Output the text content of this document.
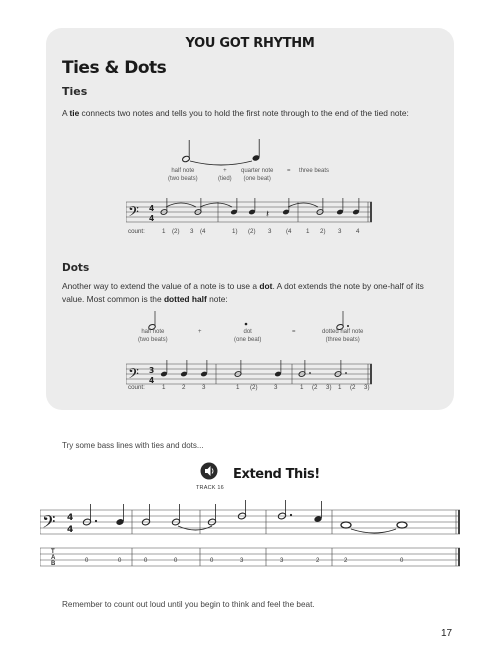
YOU GOT RHYTHM
Ties & Dots
Ties
A tie connects two notes and tells you to hold the first note through to the end of the tied note:
half note
(two beats)
+
(tied)
quarter note
(one beat)
= three beats
𝄢 4
4	𝄽
count:	1 (2) 3 (4	1) (2) 3 (4 1 2) 3 4
Dots
Another way to extend the value of a note is to use a dot. A dot extends the note by one-half of its value. Most common is the dotted half note:
half note
(two beats)
+	dot
(one beat)
=	dotted half note
(three beats)
𝄢 3
4
count:	1	2	3	1 (2)	3	1 (2 3) 1 (2 3)
Try some bass lines with ties and dots...
TRACK 16
Extend This!
𝄢 4
4
T
A
B	0	0	0	0	0	3	3	2	2	0
Remember to count out loud until you begin to think and feel the beat.
17
